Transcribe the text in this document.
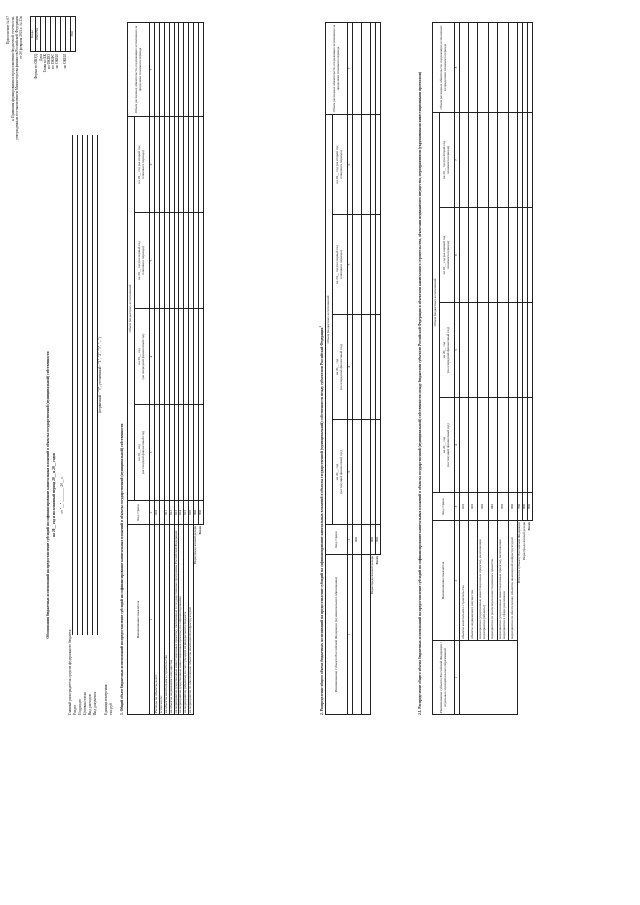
Приложение № 67 к Правилам формирования и представления бюджетной отчетности, утвержденным постановлением Министерства финансов Российской Федерации от 20 февраля 2024 г. № 23н
Обоснования бюджетных ассигнований на предоставление субсидий на софинансирование капитальных вложений в объекты государственной (муниципальной) собственности на 20__ год и на плановый период 20__ и 20__ годов от "__" ________ 20__ г.
Коды
0505790

384
Форма по ОКУД Дата Глава по БК по ОКПО по ОКФС по ОКЕИ по ОКЕИ
Главный распорядитель средств федерального бюджета Раздел Подраздел Целевая статья Вид расходов Вид документа
(первичный - "0", уточненный - "1", "2", "3", "...")
Единица измерения: тыс.руб 1. Общий объем бюджетных ассигнований на предоставление субсидий на софинансирование капитальных вложений в объекты государственной (муниципальной) собственности	Наименование показателя	Код строки	Объем бюджетных ассигнований				Объем расходных обязательств, подлежащих исполнению за пределами планового периода
		на 20__ год
(на текущий финансовый год)	на 20__ год
(на очередной финансовый год)	на 20__ год (на первый год
планового периода)	на 20__ год (на второй год
планового периода)	
1	2	3	4	5	6	7
Расходы на объекты, всего	010					
в том числе:						
на объекты капитального строительства	011					
на объекты недвижимого имущества	012					
на мероприятия (укрупненные инвестиционные проекты), включенные в государственные программы Российской Федерации	013					
на мероприятия (укрупненные инвестиционные проекты) по софинансированию	014					
на мероприятия (объекты) за счет субсидий из федерального бюджета	015					
на мероприятия по обеспечению объектов инженерной инфраструктурой	016					
Нераспределенный резерв	800					
Всего	900						2. Распределение общего объема бюджетных ассигнований на предоставление субсидий на софинансирование капитальных вложений в объекты государственной (муниципальной) собственности между субъектами Российской Федерации$^1$
Наименование субъекта Российской Федерации (муниципального образования)	Код строки	Объем бюджетных ассигнований				Объем расходных обязательств, подлежащих исполнению за пределами планового периода
		на 20__ год
(на текущий финансовый год)	на 20__ год
(на очередной финансовый год)	на 20__ год (на первый год
планового периода)	на 20__ год (на второй год
планового периода)	
1	2	3	4	5	6	7
	000					

Нераспределенный резерв	800					
Всего	900						2.1. Распределение общего объема бюджетных ассигнований на предоставление субсидий на софинансирование капитальных вложений в объекты государственной (муниципальной) собственности между бюджетами субъектов Российской Федерации и объектами капитального строительства, объектами недвижимого имущества, мероприятиями (укрупненными инвестиционными проектами)	Наименование субъекта Российской Федерации / отдельных муниципальных образований	Наименование показателя	Код строки	Объем бюджетных ассигнований				Объем расходных обязательств, подлежащих исполнению за пределами планового периода
			на 20__ год
(на текущий финансовый год)	на 20__ год
(на очередной финансовый год)	на 20__ год (на первый год
планового периода)	на 20__ год (на второй год
планового периода)	
1	2	3	4	5	6	7	8
	объекты капитального строительства	010					
	объекты недвижимого имущества	020					
	мероприятия (укрупненные инвестиционные проекты), включающие мероприятия (объекты)	030					
	мероприятия по реализации инвестиционных проектов	040					
	мероприятия (укрупненные инвестиционные проекты), включающие мероприятия в сфере реализации	050					
	мероприятия по обеспечению объектов инженерной инфраструктурой	060					
	Итого по субъекту Российской Федерации	700					
	Нераспределенный резерв	800					
	Всего	900					
